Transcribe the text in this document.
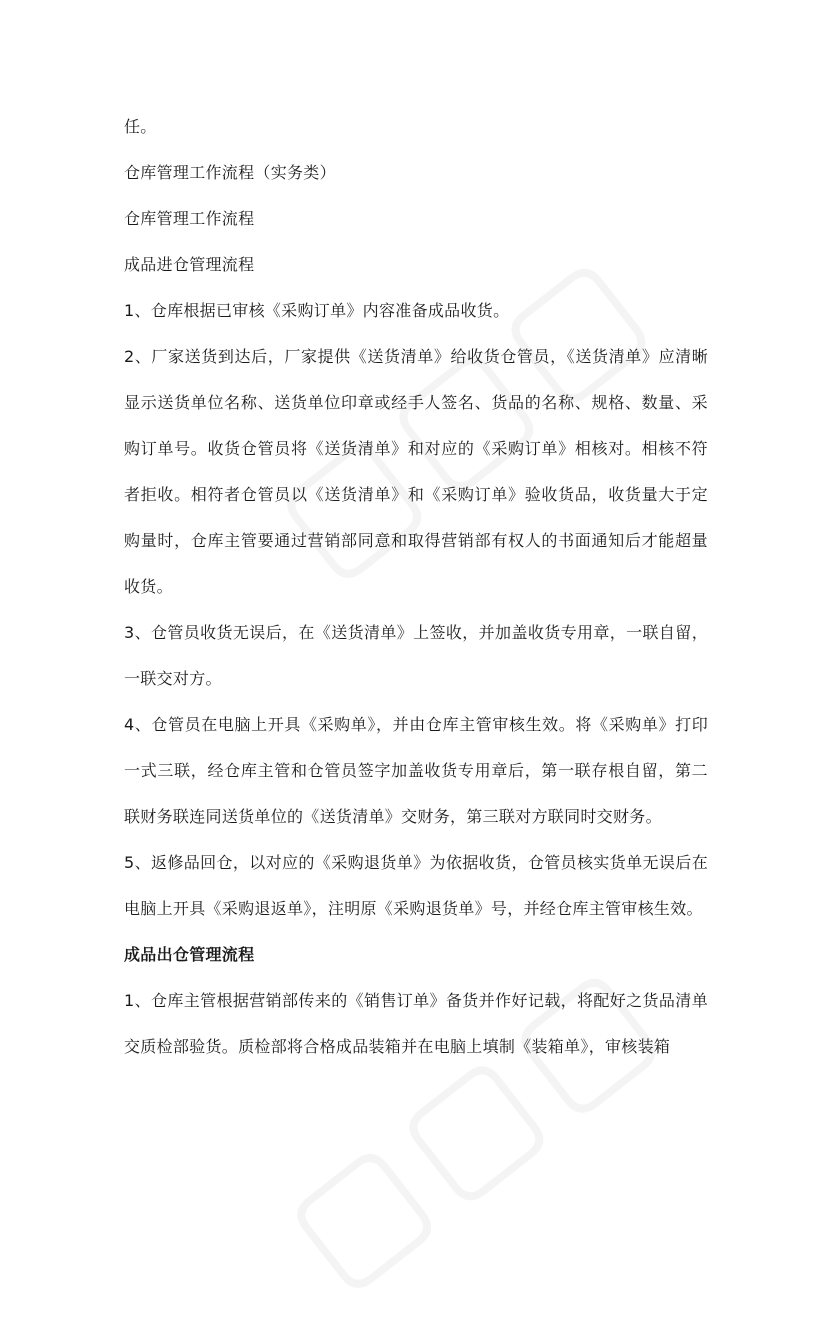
任。

仓库管理工作流程（实务类）

仓库管理工作流程

成品进仓管理流程

1、仓库根据已审核《采购订单》内容准备成品收货。

2、厂家送货到达后，厂家提供《送货清单》给收货仓管员，《送货清单》应清晰显示送货单位名称、送货单位印章或经手人签名、货品的名称、规格、数量、采购订单号。收货仓管员将《送货清单》和对应的《采购订单》相核对。相核不符者拒收。相符者仓管员以《送货清单》和《采购订单》验收货品，收货量大于定购量时，仓库主管要通过营销部同意和取得营销部有权人的书面通知后才能超量收货。

3、仓管员收货无误后，在《送货清单》上签收，并加盖收货专用章，一联自留，一联交对方。

4、仓管员在电脑上开具《采购单》，并由仓库主管审核生效。将《采购单》打印一式三联，经仓库主管和仓管员签字加盖收货专用章后，第一联存根自留，第二联财务联连同送货单位的《送货清单》交财务，第三联对方联同时交财务。

5、返修品回仓，以对应的《采购退货单》为依据收货，仓管员核实货单无误后在电脑上开具《采购退返单》，注明原《采购退货单》号，并经仓库主管审核生效。

成品出仓管理流程

1、仓库主管根据营销部传来的《销售订单》备货并作好记载，将配好之货品清单交质检部验货。质检部将合格成品装箱并在电脑上填制《装箱单》，审核装箱
